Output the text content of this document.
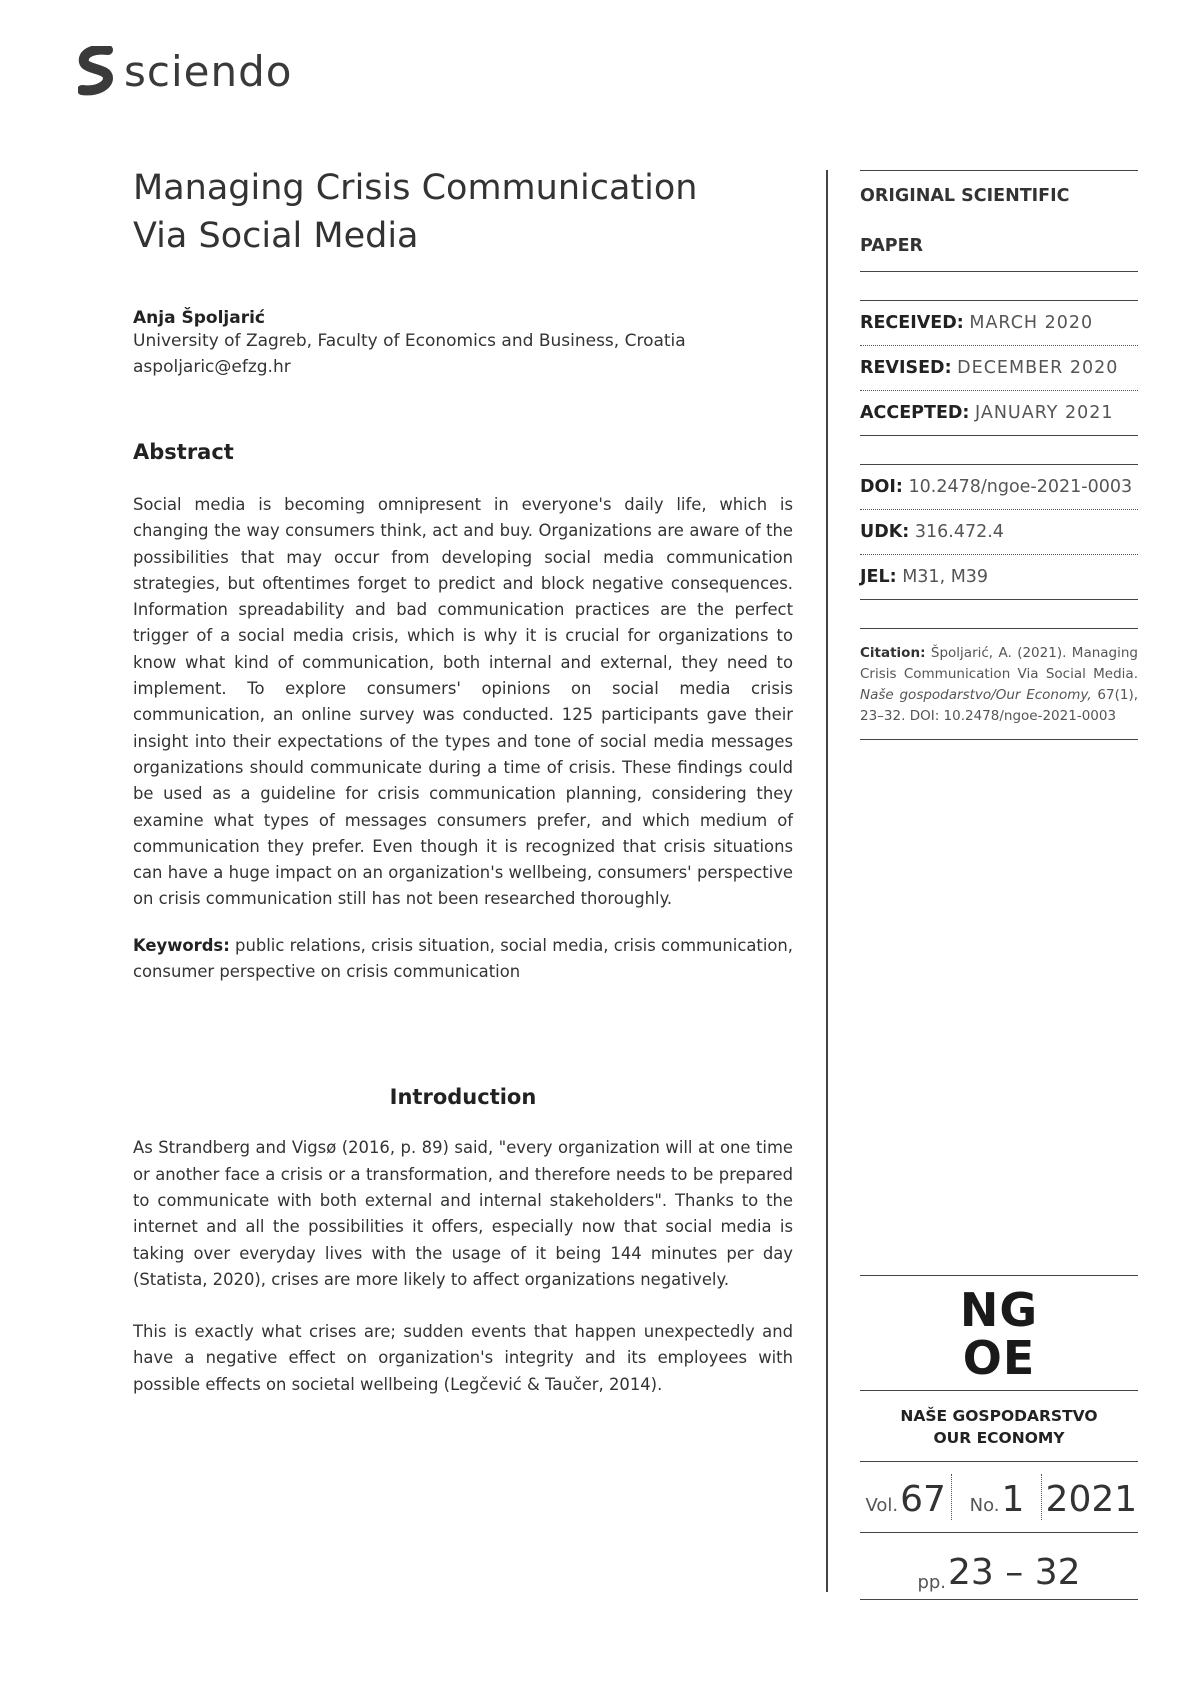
sciendo
Managing Crisis Communication
Via Social Media
Anja Špoljarić
University of Zagreb, Faculty of Economics and Business, Croatia
aspoljaric@efzg.hr
Abstract

Social media is becoming omnipresent in everyone's daily life, which is changing the way consumers think, act and buy. Organizations are aware of the possibilities that may occur from developing social media communication strategies, but oftentimes forget to predict and block negative consequences. Information spreadability and bad communication practices are the perfect trigger of a social media crisis, which is why it is crucial for organizations to know what kind of communication, both internal and external, they need to implement. To explore consumers' opinions on social media crisis communication, an online survey was conducted. 125 participants gave their insight into their expectations of the types and tone of social media messages organizations should communicate during a time of crisis. These findings could be used as a guideline for crisis communication planning, considering they examine what types of messages consumers prefer, and which medium of communication they prefer. Even though it is recognized that crisis situations can have a huge impact on an organization's wellbeing, consumers' perspective on crisis communication still has not been researched thoroughly.

Keywords: public relations, crisis situation, social media, crisis communication, consumer perspective on crisis communication

Introduction

As Strandberg and Vigsø (2016, p. 89) said, "every organization will at one time or another face a crisis or a transformation, and therefore needs to be prepared to communicate with both external and internal stakeholders". Thanks to the internet and all the possibilities it offers, especially now that social media is taking over everyday lives with the usage of it being 144 minutes per day (Statista, 2020), crises are more likely to affect organizations negatively.

This is exactly what crises are; sudden events that happen unexpectedly and have a negative effect on organization's integrity and its employees with possible effects on societal wellbeing (Legčević & Taučer, 2014).

ORIGINAL SCIENTIFIC PAPER
RECEIVED: MARCH 2020
REVISED: DECEMBER 2020
ACCEPTED: JANUARY 2021
DOI: 10.2478/ngoe-2021-0003
UDK: 316.472.4
JEL: M31, M39
Citation: Špoljarić, A. (2021). Managing Crisis Communication Via Social Media. Naše gospodarstvo/Our Economy, 67(1), 23–32. DOI: 10.2478/ngoe-2021-0003
NG
OE
NAŠE GOSPODARSTVO
OUR ECONOMY
Vol. 67 No. 1 2021
pp. 23 – 32
